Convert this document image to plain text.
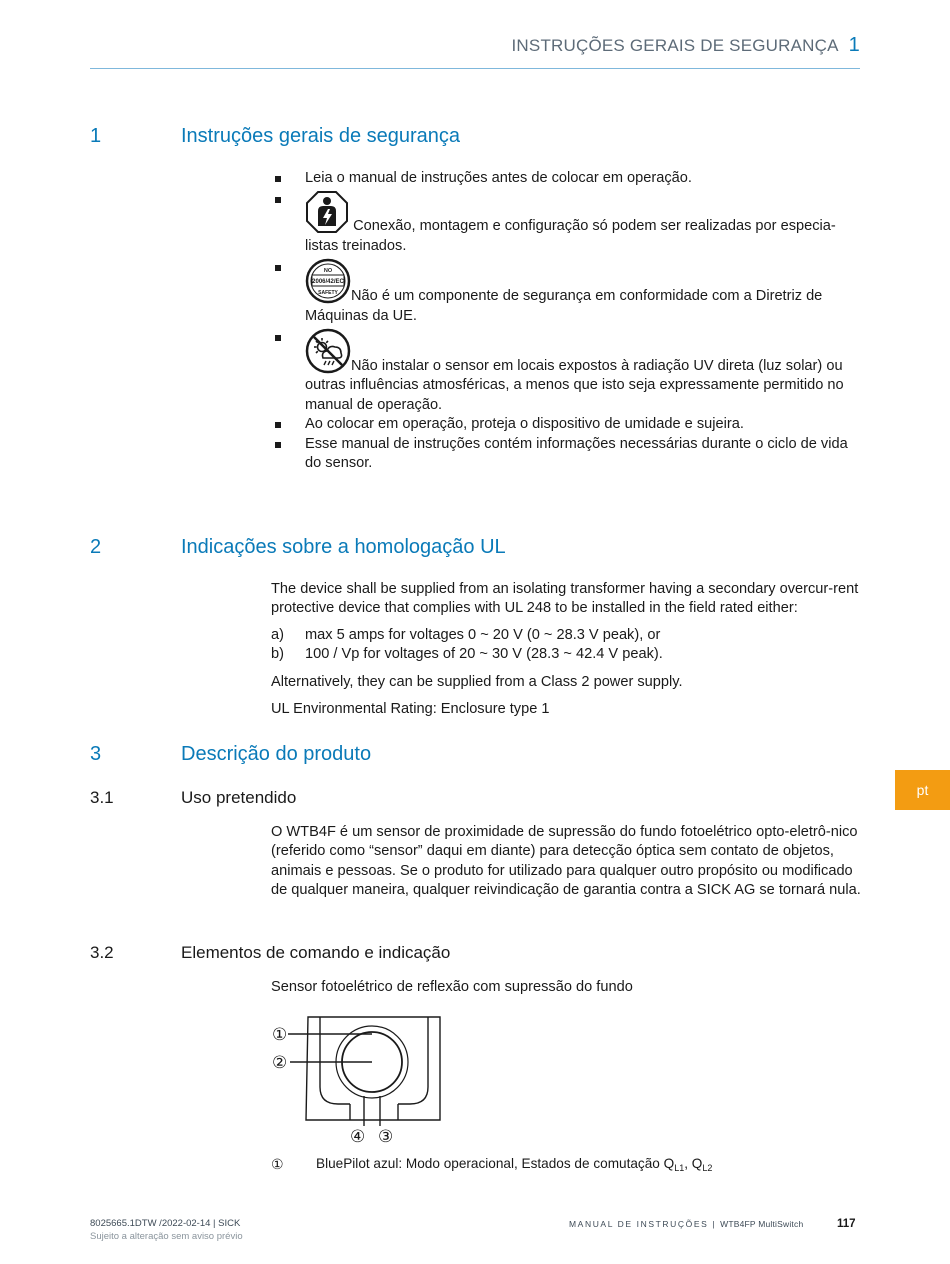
INSTRUÇÕES GERAIS DE SEGURANÇA 1
1	Instruções gerais de segurança
Leia o manual de instruções antes de colocar em operação.
Conexão, montagem e configuração só podem ser realizadas por especia-listas treinados.
NO
2006/42/EC
SAFETY Não é um componente de segurança em conformidade com a Diretriz de Máquinas da UE.
Não instalar o sensor em locais expostos à radiação UV direta (luz solar) ou outras influências atmosféricas, a menos que isto seja expressamente permitido no manual de operação.
Ao colocar em operação, proteja o dispositivo de umidade e sujeira.
Esse manual de instruções contém informações necessárias durante o ciclo de vida do sensor.
2	Indicações sobre a homologação UL
The device shall be supplied from an isolating transformer having a secondary overcur-rent protective device that complies with UL 248 to be installed in the field rated either:
a)	max 5 amps for voltages 0 ~ 20 V (0 ~ 28.3 V peak), or
b)	100 / Vp for voltages of 20 ~ 30 V (28.3 ~ 42.4 V peak).
Alternatively, they can be supplied from a Class 2 power supply.
UL Environmental Rating: Enclosure type 1
3	Descrição do produto
3.1	Uso pretendido
O WTB4F é um sensor de proximidade de supressão do fundo fotoelétrico opto-eletrô-nico (referido como “sensor” daqui em diante) para detecção óptica sem contato de objetos, animais e pessoas. Se o produto for utilizado para qualquer outro propósito ou modificado de qualquer maneira, qualquer reivindicação de garantia contra a SICK AG se tornará nula.
3.2	Elementos de comando e indicação
Sensor fotoelétrico de reflexão com supressão do fundo
①
②
④ ③
①	BluePilot azul: Modo operacional, Estados de comutação $Q_{L1}$, $Q_{L2}$
pt
8025665.1DTW /2022-02-14 | SICK
Sujeito a alteração sem aviso prévio
MANUAL DE INSTRUÇÕES | WTB4FP MultiSwitch	117
